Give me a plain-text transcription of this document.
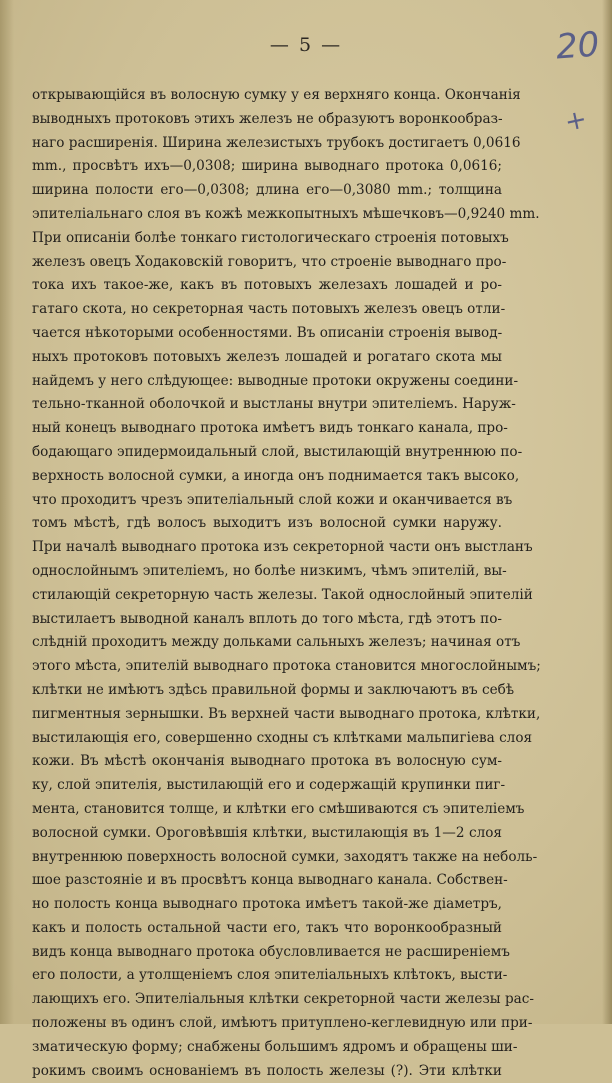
— 5 —	20
+
открывающійся въ волосную сумку у ея верхняго конца. Окончанія
выводныхъ протоковъ этихъ железъ не образуютъ воронкообраз-
наго расширенія. Ширина железистыхъ трубокъ достигаетъ 0,0616
mm., просвѣтъ ихъ—0,0308; ширина выводнаго протока 0,0616;
ширина полости его—0,0308; длина его—0,3080 mm.; толщина
эпителіальнаго слоя въ кожѣ межкопытныхъ мѣшечковъ—0,9240 mm.
При описаніи болѣе тонкаго гистологическаго строенія потовыхъ
железъ овецъ Ходаковскій говоритъ, что строеніе выводнаго про-
тока ихъ такое-же, какъ въ потовыхъ железахъ лошадей и ро-
гатаго скота, но секреторная часть потовыхъ железъ овецъ отли-
чается нѣкоторыми особенностями. Въ описаніи строенія вывод-
ныхъ протоковъ потовыхъ железъ лошадей и рогатаго скота мы
найдемъ у него слѣдующее: выводные протоки окружены соедини-
тельно-тканной оболочкой и выстланы внутри эпителіемъ. Наруж-
ный конецъ выводнаго протока имѣетъ видъ тонкаго канала, про-
бодающаго эпидермоидальный слой, выстилающій внутреннюю по-
верхность волосной сумки, а иногда онъ поднимается такъ высоко,
что проходитъ чрезъ эпителіальный слой кожи и оканчивается въ
томъ мѣстѣ, гдѣ волосъ выходитъ изъ волосной сумки наружу.
При началѣ выводнаго протока изъ секреторной части онъ выстланъ
однослойнымъ эпителіемъ, но болѣе низкимъ, чѣмъ эпителій, вы-
стилающій секреторную часть железы. Такой однослойный эпителій
выстилаетъ выводной каналъ вплоть до того мѣста, гдѣ этотъ по-
слѣдній проходитъ между дольками сальныхъ железъ; начиная отъ
этого мѣста, эпителій выводнаго протока становится многослойнымъ;
клѣтки не имѣютъ здѣсь правильной формы и заключаютъ въ себѣ
пигментныя зернышки. Въ верхней части выводнаго протока, клѣтки,
выстилающія его, совершенно сходны съ клѣтками мальпигіева слоя
кожи. Въ мѣстѣ окончанія выводнаго протока въ волосную сум-
ку, слой эпителія, выстилающій его и содержащій крупинки пиг-
мента, становится толще, и клѣтки его смѣшиваются съ эпителіемъ
волосной сумки. Ороговѣвшія клѣтки, выстилающія въ 1—2 слоя
внутреннюю поверхность волосной сумки, заходятъ также на неболь-
шое разстояніе и въ просвѣтъ конца выводнаго канала. Собствен-
но полость конца выводнаго протока имѣетъ такой-же діаметръ,
какъ и полость остальной части его, такъ что воронкообразный
видъ конца выводнаго протока обусловливается не расширеніемъ
его полости, а утолщеніемъ слоя эпителіальныхъ клѣтокъ, высти-
лающихъ его. Эпителіальныя клѣтки секреторной части железы рас-
положены въ одинъ слой, имѣютъ притуплено-кеглевидную или при-
зматическую форму; снабжены большимъ ядромъ и обращены ши-
рокимъ своимъ основаніемъ въ полость железы (?). Эти клѣтки
